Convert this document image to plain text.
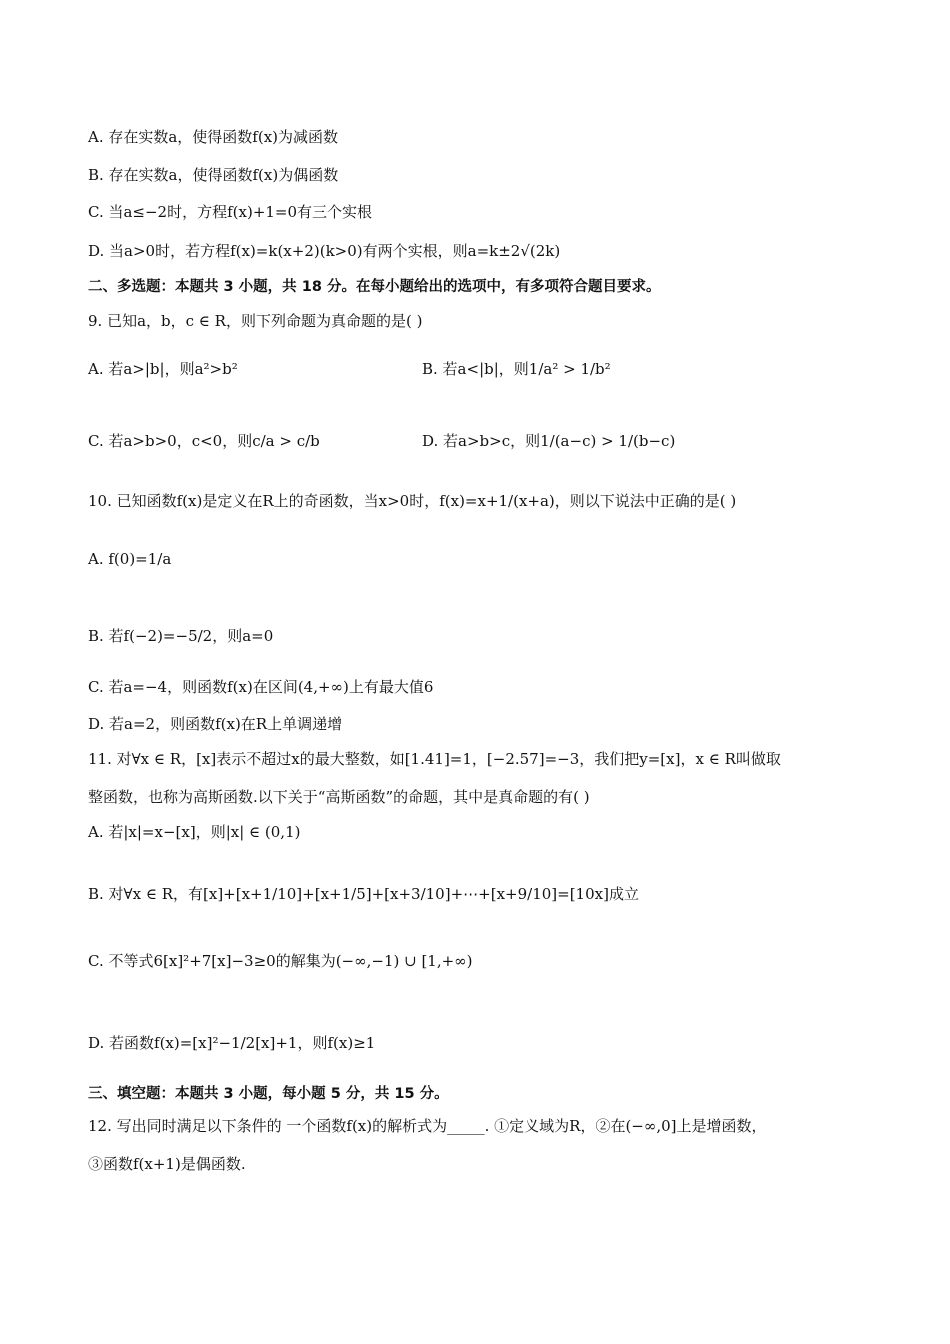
A. 存在实数a，使得函数f(x)为减函数
B. 存在实数a，使得函数f(x)为偶函数
C. 当a≤−2时，方程f(x)+1=0有三个实根
D. 当a>0时，若方程f(x)=k(x+2)(k>0)有两个实根，则a=k±2√(2k)
二、多选题：本题共 3 小题，共 18 分。在每小题给出的选项中，有多项符合题目要求。
9. 已知a，b，c ∈ R，则下列命题为真命题的是( )
A. 若a>|b|，则a²>b²	B. 若a<|b|，则1/a² > 1/b²
C. 若a>b>0，c<0，则c/a > c/b	D. 若a>b>c，则1/(a−c) > 1/(b−c)
10. 已知函数f(x)是定义在R上的奇函数，当x>0时，f(x)=x+1/(x+a)，则以下说法中正确的是( )
A. f(0)=1/a
B. 若f(−2)=−5/2，则a=0
C. 若a=−4，则函数f(x)在区间(4,+∞)上有最大值6
D. 若a=2，则函数f(x)在R上单调递增
11. 对∀x ∈ R，[x]表示不超过x的最大整数，如[1.41]=1，[−2.57]=−3，我们把y=[x]，x ∈ R叫做取
整函数，也称为高斯函数.以下关于“高斯函数”的命题，其中是真命题的有( )
A. 若|x|=x−[x]，则|x| ∈ (0,1)
B. 对∀x ∈ R，有[x]+[x+1/10]+[x+1/5]+[x+3/10]+⋯+[x+9/10]=[10x]成立
C. 不等式6[x]²+7[x]−3≥0的解集为(−∞,−1) ∪ [1,+∞)
D. 若函数f(x)=[x]²−1/2[x]+1，则f(x)≥1
三、填空题：本题共 3 小题，每小题 5 分，共 15 分。
12. 写出同时满足以下条件的 一个函数f(x)的解析式为_____. ①定义域为R，②在(−∞,0]上是增函数，
③函数f(x+1)是偶函数.
